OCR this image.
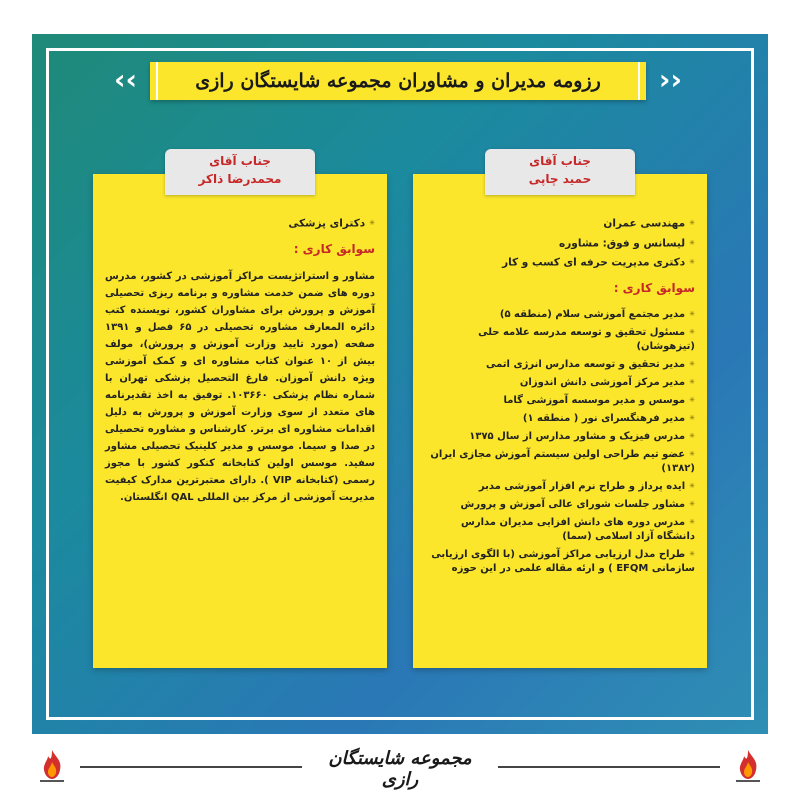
‹‹	رزومه مدیران و مشاوران مجموعه شایستگان رازی ››
جناب آقای
محمدرضا ذاکر
✳ دکترای پزشکی
سوابق کاری :
مشاور و استراتژیست مراکز آموزشی در کشور، مدرس دوره های ضمن خدمت مشاوره و برنامه ریزی تحصیلی آموزش و پرورش برای مشاوران کشور، نویسنده کتب دائره المعارف مشاوره تحصیلی در ۶۵ فصل و ۱۳۹۱ صفحه (مورد تایید وزارت آموزش و پرورش)، مولف بیش از ۱۰ عنوان کتاب مشاوره ای و کمک آموزشی ویژه دانش آموزان. فارغ التحصیل پزشکی تهران با شماره نظام پزشکی ۱۰۳۶۶۰. توفیق به اخذ تقدیرنامه های متعدد از سوی وزارت آموزش و پرورش به دلیل اقدامات مشاوره ای برتر. کارشناس و مشاوره تحصیلی در صدا و سیما. موسس و مدیر کلینیک تحصیلی مشاور سفید. موسس اولین کتابخانه کنکور کشور با مجوز رسمی (کتابخانه VIP ). دارای معتبرترین مدارک کیفیت مدیریت آموزشی از مرکز بین المللی QAL انگلستان.
جناب آقای
حمید چاپی
✳ مهندسی عمران
✳ لیسانس و فوق: مشاوره
✳ دکتری مدیریت حرفه ای کسب و کار
سوابق کاری :
✳ مدیر مجتمع آموزشی سلام (منطقه ۵)
✳ مسئول تحقیق و توسعه مدرسه علامه حلی (تیزهوشان)
✳ مدیر تحقیق و توسعه مدارس انرژی اتمی
✳ مدیر مرکز آموزشی دانش اندوزان
✳ موسس و مدیر موسسه آموزشی گاما
✳ مدیر فرهنگسرای نور ( منطقه ۱)
✳ مدرس فیزیک و مشاور مدارس از سال ۱۳۷۵
✳ عضو تیم طراحی اولین سیستم آموزش مجازی ایران (۱۳۸۲)
✳ ایده پرداز و طراح نرم افزار آموزشی مدبر
✳ مشاور جلسات شورای عالی آموزش و پرورش
✳ مدرس دوره های دانش افزایی مدیران مدارس دانشگاه آزاد اسلامی (سما)
✳ طراح مدل ارزیابی مراکز آموزشی (با الگوی ارزیابی سازمانی EFQM ) و ارئه مقاله علمی در این حوزه
مجموعه شایستگان رازی
